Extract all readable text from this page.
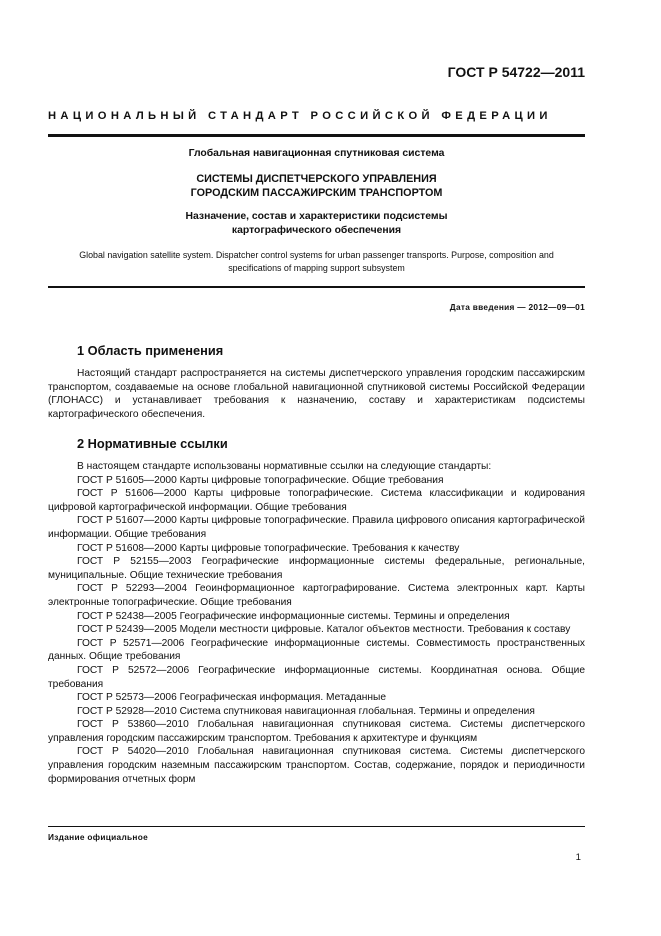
ГОСТ Р 54722—2011
НАЦИОНАЛЬНЫЙ СТАНДАРТ РОССИЙСКОЙ ФЕДЕРАЦИИ
Глобальная навигационная спутниковая система
СИСТЕМЫ ДИСПЕТЧЕРСКОГО УПРАВЛЕНИЯ
ГОРОДСКИМ ПАССАЖИРСКИМ ТРАНСПОРТОМ
Назначение, состав и характеристики подсистемы
картографического обеспечения
Global navigation satellite system. Dispatcher control systems for urban passenger transports. Purpose, composition and
specifications of mapping support subsystem
Дата введения — 2012—09—01
1 Область применения
Настоящий стандарт распространяется на системы диспетчерского управления городским пассажирским транспортом, создаваемые на основе глобальной навигационной спутниковой системы Российской Федерации (ГЛОНАСС) и устанавливает требования к назначению, составу и характеристикам подсистемы картографического обеспечения.
2 Нормативные ссылки
В настоящем стандарте использованы нормативные ссылки на следующие стандарты:
ГОСТ Р 51605—2000 Карты цифровые топографические. Общие требования
ГОСТ Р 51606—2000 Карты цифровые топографические. Система классификации и кодирования цифровой картографической информации. Общие требования
ГОСТ Р 51607—2000 Карты цифровые топографические. Правила цифрового описания картографической информации. Общие требования
ГОСТ Р 51608—2000 Карты цифровые топографические. Требования к качеству
ГОСТ Р 52155—2003 Географические информационные системы федеральные, региональные, муниципальные. Общие технические требования
ГОСТ Р 52293—2004 Геоинформационное картографирование. Система электронных карт. Карты электронные топографические. Общие требования
ГОСТ Р 52438—2005 Географические информационные системы. Термины и определения
ГОСТ Р 52439—2005 Модели местности цифровые. Каталог объектов местности. Требования к составу
ГОСТ Р 52571—2006 Географические информационные системы. Совместимость пространственных данных. Общие требования
ГОСТ Р 52572—2006 Географические информационные системы. Координатная основа. Общие требования
ГОСТ Р 52573—2006 Географическая информация. Метаданные
ГОСТ Р 52928—2010 Система спутниковая навигационная глобальная. Термины и определения
ГОСТ Р 53860—2010 Глобальная навигационная спутниковая система. Системы диспетчерского управления городским пассажирским транспортом. Требования к архитектуре и функциям
ГОСТ Р 54020—2010 Глобальная навигационная спутниковая система. Системы диспетчерского управления городским наземным пассажирским транспортом. Состав, содержание, порядок и периодичности формирования отчетных форм
Издание официальное
1
